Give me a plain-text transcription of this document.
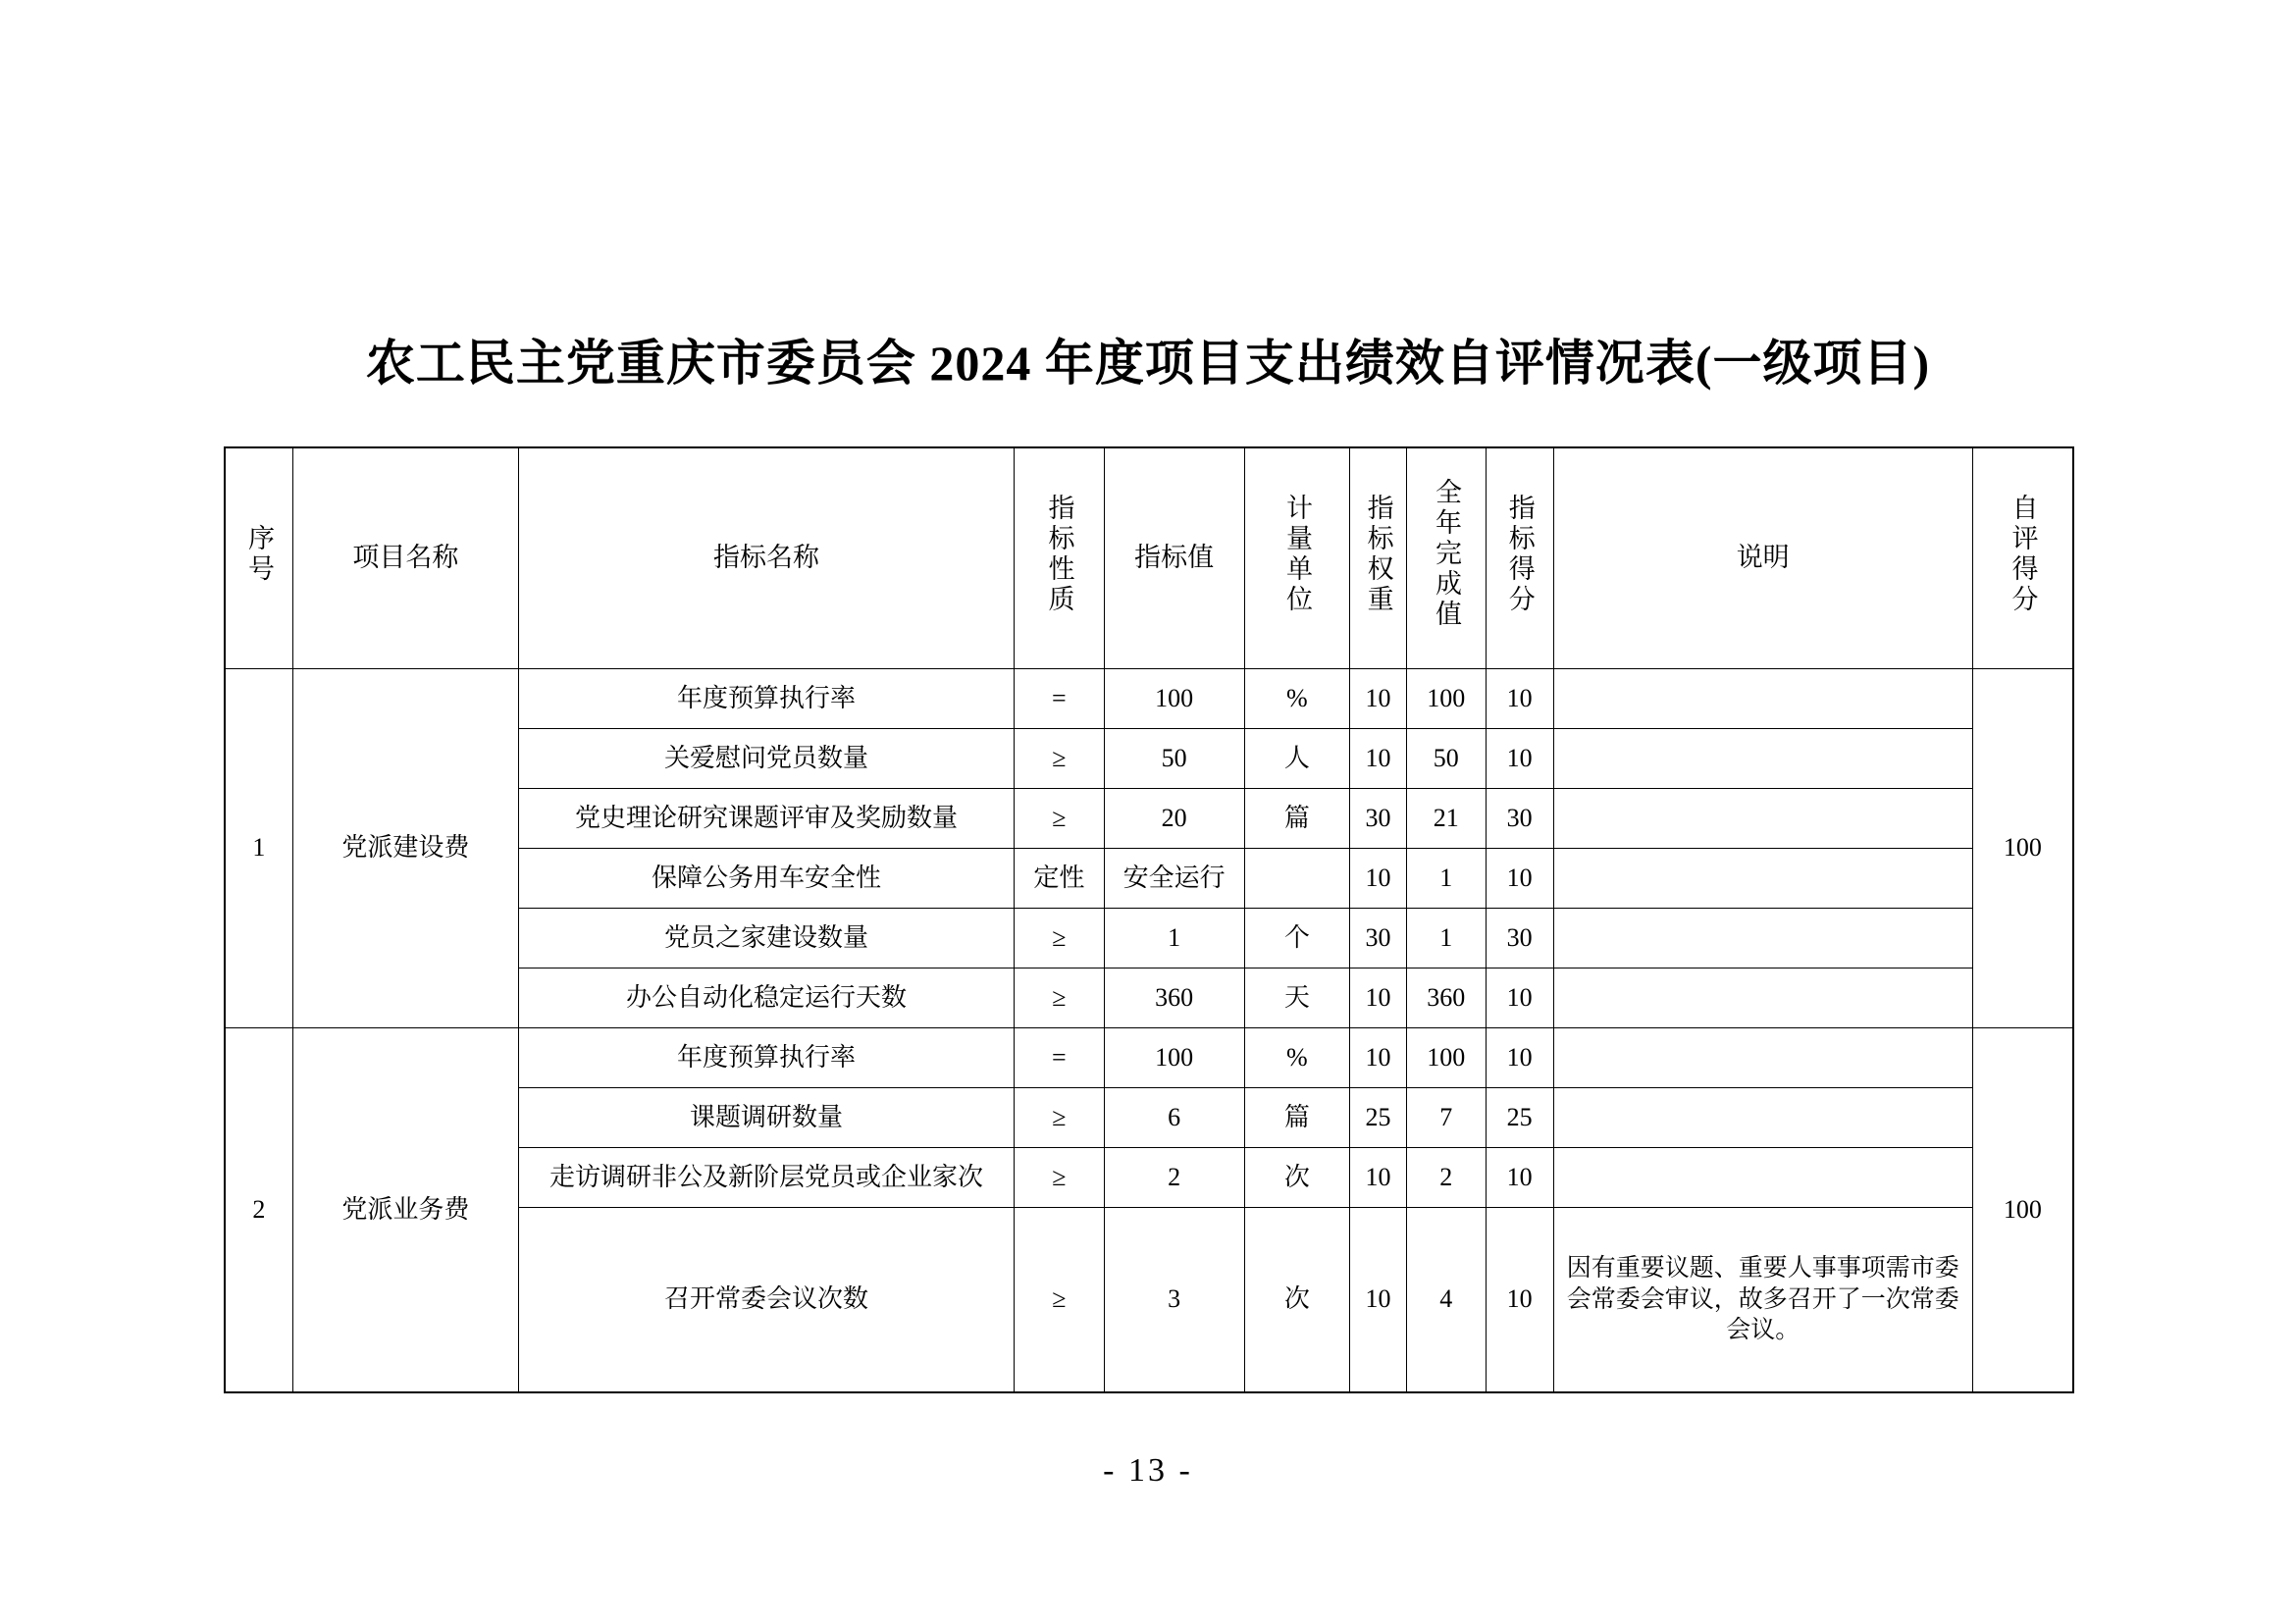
农工民主党重庆市委员会 2024 年度项目支出绩效自评情况表(一级项目)
序号	项目名称	指标名称	指标性质	指标值	计量单位	指标权重	全年完成值	指标得分	说明	自评得分
1	党派建设费	年度预算执行率	=	100	%	10	100	10		100
		关爱慰问党员数量	≥	50	人	10	50	10		
		党史理论研究课题评审及奖励数量	≥	20	篇	30	21	30		
		保障公务用车安全性	定性	安全运行		10	1	10		
		党员之家建设数量	≥	1	个	30	1	30		
		办公自动化稳定运行天数	≥	360	天	10	360	10		
2	党派业务费	年度预算执行率	=	100	%	10	100	10		100
		课题调研数量	≥	6	篇	25	7	25		
		走访调研非公及新阶层党员或企业家次	≥	2	次	10	2	10		
		召开常委会议次数	≥	3	次	10	4	10	因有重要议题、重要人事事项需市委会常委会审议，故多召开了一次常委会议。	
- 13 -
